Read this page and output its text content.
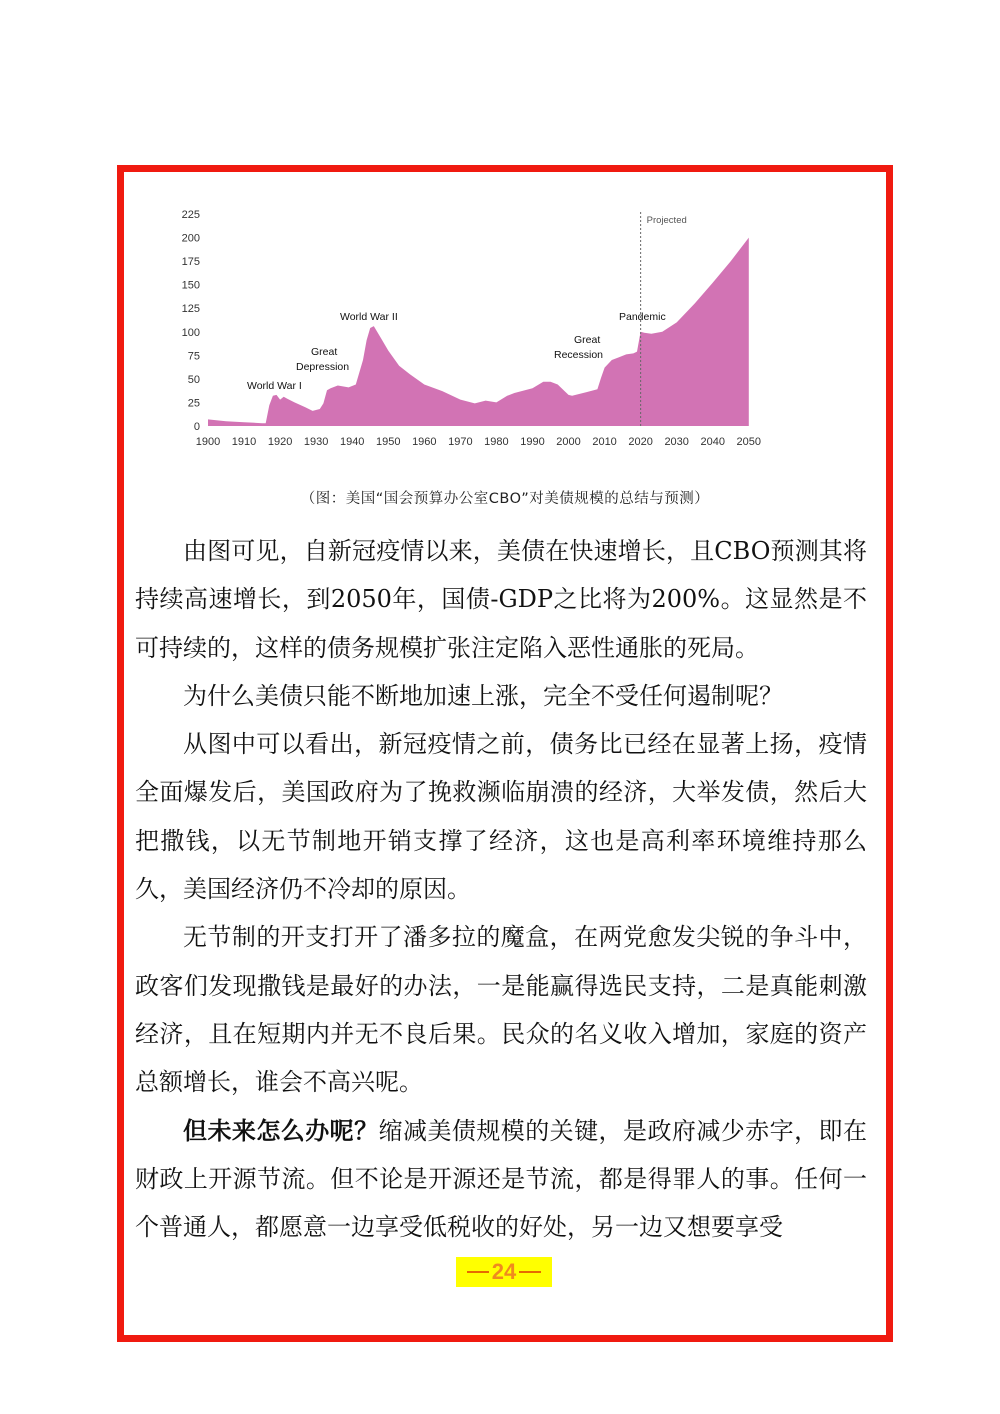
Projected
0
25
50
75
100
125
150
175
200
225
1900 1910 1920 1930 1940 1950 1960 1970 1980 1990 2000 2010 2020 2030 2040 2050
World War I
Great
Depression
World War II
Great
Recession
Pandemic
（图：美国“国会预算办公室CBO”对美债规模的总结与预测）

由图可见，自新冠疫情以来，美债在快速增长，且CBO预测其将持续高速增长，到2050年，国债-GDP之比将为200%。这显然是不可持续的，这样的债务规模扩张注定陷入恶性通胀的死局。

为什么美债只能不断地加速上涨，完全不受任何遏制呢？

从图中可以看出，新冠疫情之前，债务比已经在显著上扬，疫情全面爆发后，美国政府为了挽救濒临崩溃的经济，大举发债，然后大把撒钱，以无节制地开销支撑了经济，这也是高利率环境维持那么久，美国经济仍不冷却的原因。

无节制的开支打开了潘多拉的魔盒，在两党愈发尖锐的争斗中，政客们发现撒钱是最好的办法，一是能赢得选民支持，二是真能刺激经济，且在短期内并无不良后果。民众的名义收入增加，家庭的资产总额增长，谁会不高兴呢。

但未来怎么办呢？缩减美债规模的关键，是政府减少赤字，即在财政上开源节流。但不论是开源还是节流，都是得罪人的事。任何一个普通人，都愿意一边享受低税收的好处，另一边又想要享受

24
